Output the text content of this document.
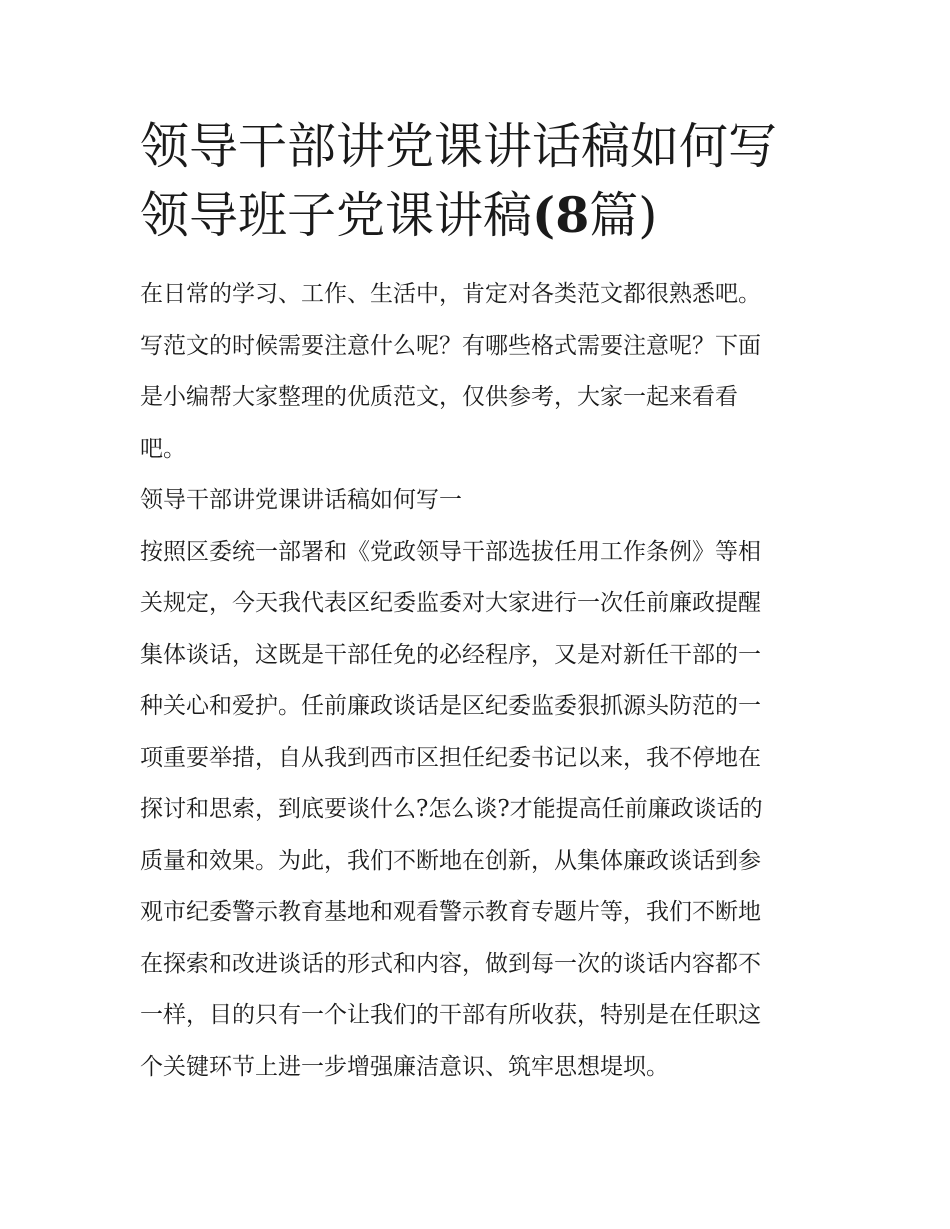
领导干部讲党课讲话稿如何写
领导班子党课讲稿(8篇)
在日常的学习、工作、生活中，肯定对各类范文都很熟悉吧。
写范文的时候需要注意什么呢？有哪些格式需要注意呢？下面
是小编帮大家整理的优质范文，仅供参考，大家一起来看看
吧。
领导干部讲党课讲话稿如何写一
按照区委统一部署和《党政领导干部选拔任用工作条例》等相
关规定，今天我代表区纪委监委对大家进行一次任前廉政提醒
集体谈话，这既是干部任免的必经程序，又是对新任干部的一
种关心和爱护。任前廉政谈话是区纪委监委狠抓源头防范的一
项重要举措，自从我到西市区担任纪委书记以来，我不停地在
探讨和思索，到底要谈什么?怎么谈?才能提高任前廉政谈话的
质量和效果。为此，我们不断地在创新，从集体廉政谈话到参
观市纪委警示教育基地和观看警示教育专题片等，我们不断地
在探索和改进谈话的形式和内容，做到每一次的谈话内容都不
一样，目的只有一个让我们的干部有所收获，特别是在任职这
个关键环节上进一步增强廉洁意识、筑牢思想堤坝。
